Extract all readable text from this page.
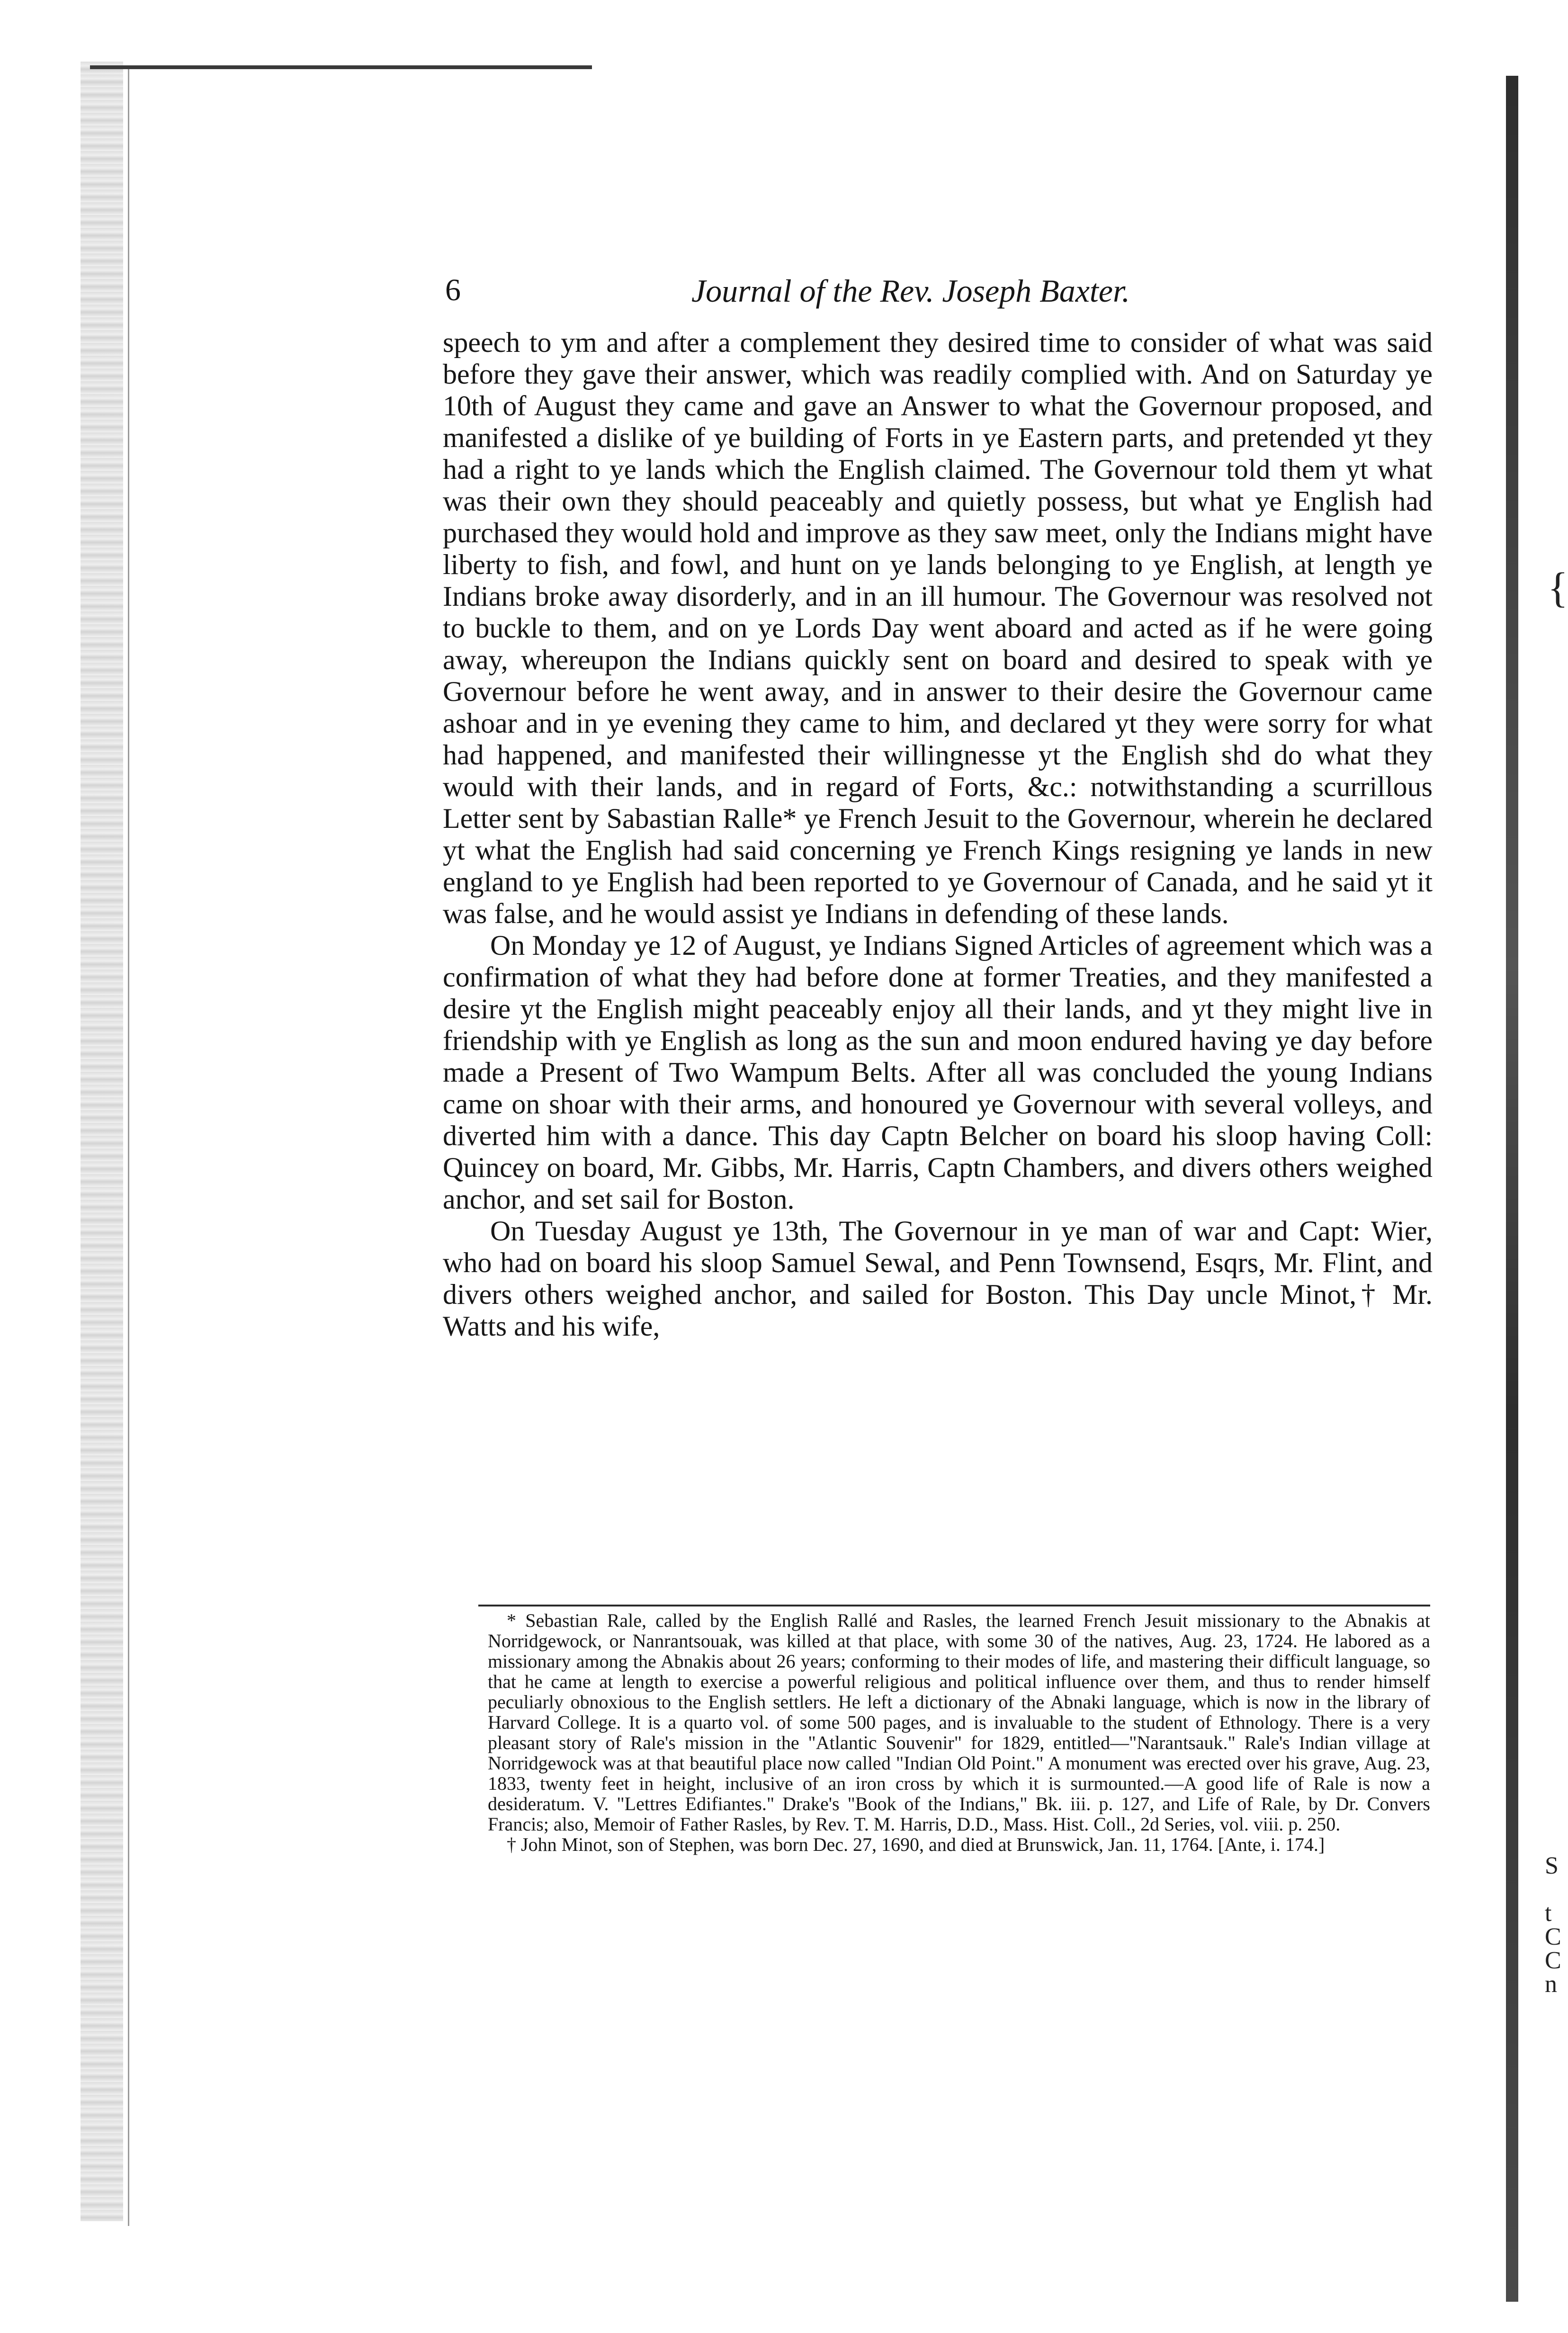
{
S
t
C
C
n
6	Journal of the Rev. Joseph Baxter.

speech to ym and after a complement they desired time to consider of what was said before they gave their answer, which was readily complied with. And on Saturday ye 10th of August they came and gave an Answer to what the Governour proposed, and manifested a dislike of ye building of Forts in ye Eastern parts, and pretended yt they had a right to ye lands which the English claimed. The Governour told them yt what was their own they should peaceably and quietly possess, but what ye English had purchased they would hold and improve as they saw meet, only the Indians might have liberty to fish, and fowl, and hunt on ye lands belonging to ye English, at length ye Indians broke away disorderly, and in an ill humour. The Governour was resolved not to buckle to them, and on ye Lords Day went aboard and acted as if he were going away, whereupon the Indians quickly sent on board and desired to speak with ye Governour before he went away, and in answer to their desire the Governour came ashoar and in ye evening they came to him, and declared yt they were sorry for what had happened, and manifested their willingnesse yt the English shd do what they would with their lands, and in regard of Forts, &c.: notwithstanding a scurrillous Letter sent by Sabastian Ralle* ye French Jesuit to the Governour, wherein he declared yt what the English had said concerning ye French Kings resigning ye lands in new england to ye English had been reported to ye Governour of Canada, and he said yt it was false, and he would assist ye Indians in defending of these lands.

On Monday ye 12 of August, ye Indians Signed Articles of agreement which was a confirmation of what they had before done at former Treaties, and they manifested a desire yt the English might peaceably enjoy all their lands, and yt they might live in friendship with ye English as long as the sun and moon endured having ye day before made a Present of Two Wampum Belts. After all was concluded the young Indians came on shoar with their arms, and honoured ye Governour with several volleys, and diverted him with a dance. This day Captn Belcher on board his sloop having Coll: Quincey on board, Mr. Gibbs, Mr. Harris, Captn Chambers, and divers others weighed anchor, and set sail for Boston.

On Tuesday August ye 13th, The Governour in ye man of war and Capt: Wier, who had on board his sloop Samuel Sewal, and Penn Townsend, Esqrs, Mr. Flint, and divers others weighed anchor, and sailed for Boston. This Day uncle Minot,† Mr. Watts and his wife,

* Sebastian Rale, called by the English Rallé and Rasles, the learned French Jesuit missionary to the Abnakis at Norridgewock, or Nanrantsouak, was killed at that place, with some 30 of the natives, Aug. 23, 1724. He labored as a missionary among the Abnakis about 26 years; conforming to their modes of life, and mastering their difficult language, so that he came at length to exercise a powerful religious and political influence over them, and thus to render himself peculiarly obnoxious to the English settlers. He left a dictionary of the Abnaki language, which is now in the library of Harvard College. It is a quarto vol. of some 500 pages, and is invaluable to the student of Ethnology. There is a very pleasant story of Rale's mission in the "Atlantic Souvenir" for 1829, entitled—"Narantsauk." Rale's Indian village at Norridgewock was at that beautiful place now called "Indian Old Point." A monument was erected over his grave, Aug. 23, 1833, twenty feet in height, inclusive of an iron cross by which it is surmounted.—A good life of Rale is now a desideratum. V. "Lettres Edifiantes." Drake's "Book of the Indians," Bk. iii. p. 127, and Life of Rale, by Dr. Convers Francis; also, Memoir of Father Rasles, by Rev. T. M. Harris, D.D., Mass. Hist. Coll., 2d Series, vol. viii. p. 250.

† John Minot, son of Stephen, was born Dec. 27, 1690, and died at Brunswick, Jan. 11, 1764. [Ante, i. 174.]
